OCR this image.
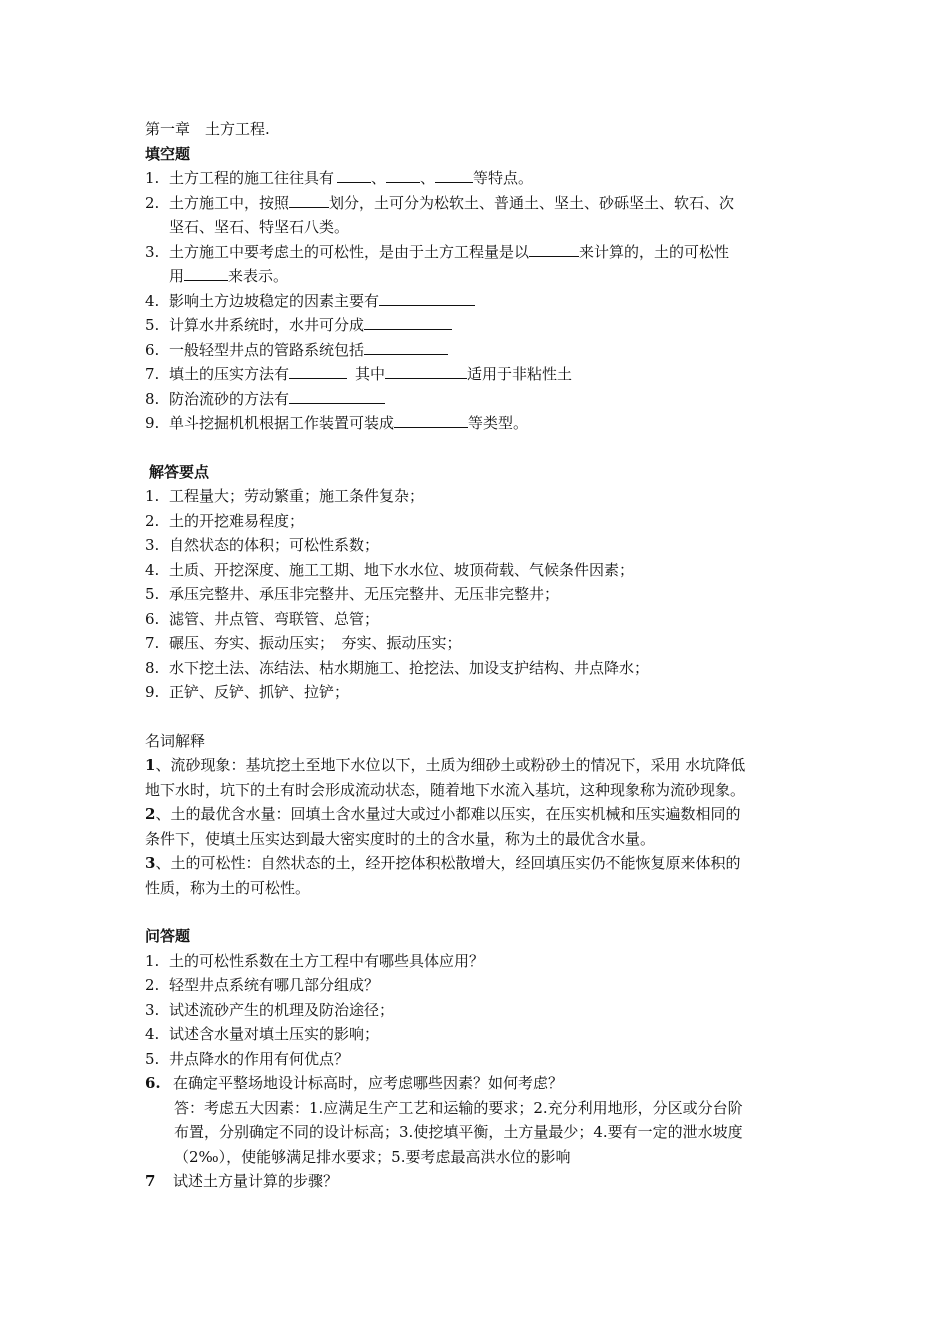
第一章　土方工程.
填空题
1. 土方工程的施工往往具有 、 、	等特点。
2. 土方施工中，按照	划分，土可分为松软土、普通土、坚土、砂砾坚土、软石、次
坚石、坚石、特坚石八类。
3. 土方施工中要考虑土的可松性，是由于土方工程量是以	来计算的，土的可松性
用	来表示。
4. 影响土方边坡稳定的因素主要有
5. 计算水井系统时，水井可分成
6. 一般轻型井点的管路系统包括
7. 填土的压实方法有	其中	适用于非粘性土
8. 防治流砂的方法有
9. 单斗挖掘机机根据工作装置可装成	等类型。
解答要点
1. 工程量大；劳动繁重；施工条件复杂；
2. 土的开挖难易程度；
3. 自然状态的体积；可松性系数；
4. 土质、开挖深度、施工工期、地下水水位、坡顶荷载、气候条件因素；
5. 承压完整井、承压非完整井、无压完整井、无压非完整井；
6. 滤管、井点管、弯联管、总管；
7. 碾压、夯实、振动压实；　夯实、振动压实；
8. 水下挖土法、冻结法、枯水期施工、抢挖法、加设支护结构、井点降水；
9. 正铲、反铲、抓铲、拉铲；
名词解释
1、流砂现象：基坑挖土至地下水位以下，土质为细砂土或粉砂土的情况下，采用 水坑降低
地下水时，坑下的土有时会形成流动状态，随着地下水流入基坑，这种现象称为流砂现象。
2、土的最优含水量：回填土含水量过大或过小都难以压实，在压实机械和压实遍数相同的
条件下，使填土压实达到最大密实度时的土的含水量，称为土的最优含水量。
3、土的可松性：自然状态的土，经开挖体积松散增大，经回填压实仍不能恢复原来体积的
性质，称为土的可松性。
问答题
1. 土的可松性系数在土方工程中有哪些具体应用？
2. 轻型井点系统有哪几部分组成？
3. 试述流砂产生的机理及防治途径；
4. 试述含水量对填土压实的影响；
5. 井点降水的作用有何优点？
6. 在确定平整场地设计标高时，应考虑哪些因素？如何考虑？
答：考虑五大因素：1.应满足生产工艺和运输的要求；2.充分利用地形，分区或分台阶
布置，分别确定不同的设计标高；3.使挖填平衡，土方量最少；4.要有一定的泄水坡度
（2‰），使能够满足排水要求；5.要考虑最高洪水位的影响
7	试述土方量计算的步骤？
